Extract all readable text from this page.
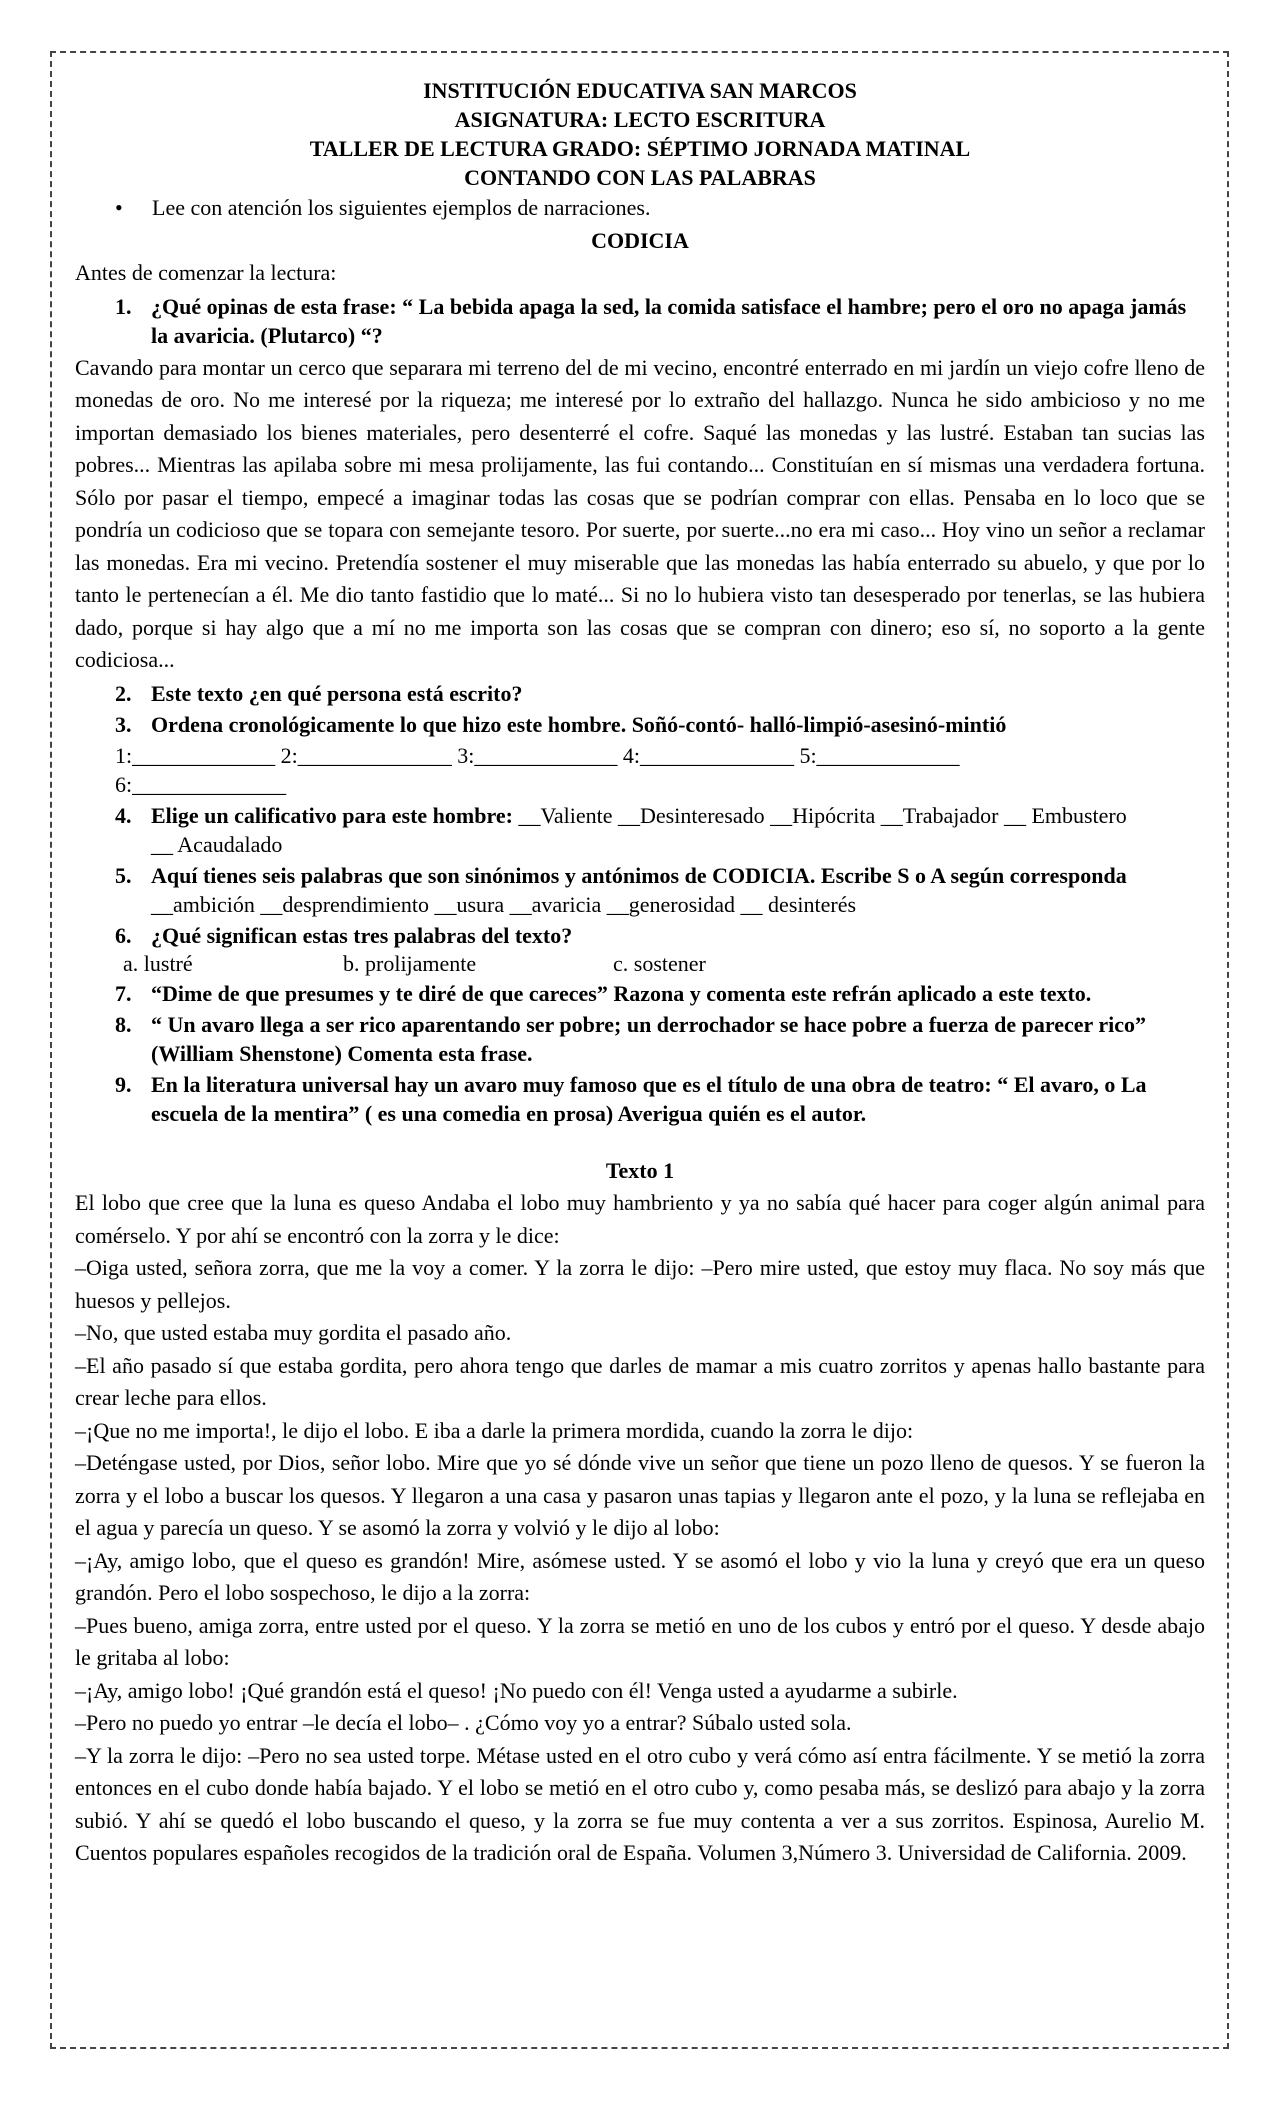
INSTITUCIÓN EDUCATIVA SAN MARCOS

ASIGNATURA: LECTO ESCRITURA

TALLER DE LECTURA GRADO: SÉPTIMO JORNADA MATINAL

CONTANDO CON LAS PALABRAS

•	Lee con atención los siguientes ejemplos de narraciones.

CODICIA

Antes de comenzar la lectura:

1. ¿Qué opinas de esta frase: “ La bebida apaga la sed, la comida satisface el hambre; pero el oro no apaga jamás la avaricia. (Plutarco) “?

Cavando para montar un cerco que separara mi terreno del de mi vecino, encontré enterrado en mi jardín un viejo cofre lleno de monedas de oro. No me interesé por la riqueza; me interesé por lo extraño del hallazgo. Nunca he sido ambicioso y no me importan demasiado los bienes materiales, pero desenterré el cofre. Saqué las monedas y las lustré. Estaban tan sucias las pobres... Mientras las apilaba sobre mi mesa prolijamente, las fui contando... Constituían en sí mismas una verdadera fortuna. Sólo por pasar el tiempo, empecé a imaginar todas las cosas que se podrían comprar con ellas. Pensaba en lo loco que se pondría un codicioso que se topara con semejante tesoro. Por suerte, por suerte...no era mi caso... Hoy vino un señor a reclamar las monedas. Era mi vecino. Pretendía sostener el muy miserable que las monedas las había enterrado su abuelo, y que por lo tanto le pertenecían a él. Me dio tanto fastidio que lo maté... Si no lo hubiera visto tan desesperado por tenerlas, se las hubiera dado, porque si hay algo que a mí no me importa son las cosas que se compran con dinero; eso sí, no soporto a la gente codiciosa...

2. Este texto ¿en qué persona está escrito?
3. Ordena cronológicamente lo que hizo este hombre. Soñó-contó- halló-limpió-asesinó-mintió

1:_____________ 2:______________ 3:_____________ 4:______________ 5:_____________

6:______________

4. Elige un calificativo para este hombre: __Valiente __Desinteresado __Hipócrita __Trabajador __ Embustero
__ Acaudalado
5. Aquí tienes seis palabras que son sinónimos y antónimos de CODICIA. Escribe S o A según corresponda __ambición __desprendimiento __usura __avaricia __generosidad __ desinterés
6. ¿Qué significan estas tres palabras del texto?
a. lustré	b. prolijamente	c. sostener
7. “Dime de que presumes y te diré de que careces” Razona y comenta este refrán aplicado a este texto.
8. “ Un avaro llega a ser rico aparentando ser pobre; un derrochador se hace pobre a fuerza de parecer rico” (William Shenstone) Comenta esta frase.
9. En la literatura universal hay un avaro muy famoso que es el título de una obra de teatro: “ El avaro, o La escuela de la mentira” ( es una comedia en prosa) Averigua quién es el autor.

Texto 1

El lobo que cree que la luna es queso Andaba el lobo muy hambriento y ya no sabía qué hacer para coger algún animal para comérselo. Y por ahí se encontró con la zorra y le dice:

–Oiga usted, señora zorra, que me la voy a comer. Y la zorra le dijo: –Pero mire usted, que estoy muy flaca. No soy más que huesos y pellejos.

–No, que usted estaba muy gordita el pasado año.

–El año pasado sí que estaba gordita, pero ahora tengo que darles de mamar a mis cuatro zorritos y apenas hallo bastante para crear leche para ellos.

–¡Que no me importa!, le dijo el lobo. E iba a darle la primera mordida, cuando la zorra le dijo:

–Deténgase usted, por Dios, señor lobo. Mire que yo sé dónde vive un señor que tiene un pozo lleno de quesos. Y se fueron la zorra y el lobo a buscar los quesos. Y llegaron a una casa y pasaron unas tapias y llegaron ante el pozo, y la luna se reflejaba en el agua y parecía un queso. Y se asomó la zorra y volvió y le dijo al lobo:

–¡Ay, amigo lobo, que el queso es grandón! Mire, asómese usted. Y se asomó el lobo y vio la luna y creyó que era un queso grandón. Pero el lobo sospechoso, le dijo a la zorra:

–Pues bueno, amiga zorra, entre usted por el queso. Y la zorra se metió en uno de los cubos y entró por el queso. Y desde abajo le gritaba al lobo:

–¡Ay, amigo lobo! ¡Qué grandón está el queso! ¡No puedo con él! Venga usted a ayudarme a subirle.

–Pero no puedo yo entrar –le decía el lobo– . ¿Cómo voy yo a entrar? Súbalo usted sola.

–Y la zorra le dijo: –Pero no sea usted torpe. Métase usted en el otro cubo y verá cómo así entra fácilmente. Y se metió la zorra entonces en el cubo donde había bajado. Y el lobo se metió en el otro cubo y, como pesaba más, se deslizó para abajo y la zorra subió. Y ahí se quedó el lobo buscando el queso, y la zorra se fue muy contenta a ver a sus zorritos. Espinosa, Aurelio M. Cuentos populares españoles recogidos de la tradición oral de España. Volumen 3,Número 3. Universidad de California. 2009.
